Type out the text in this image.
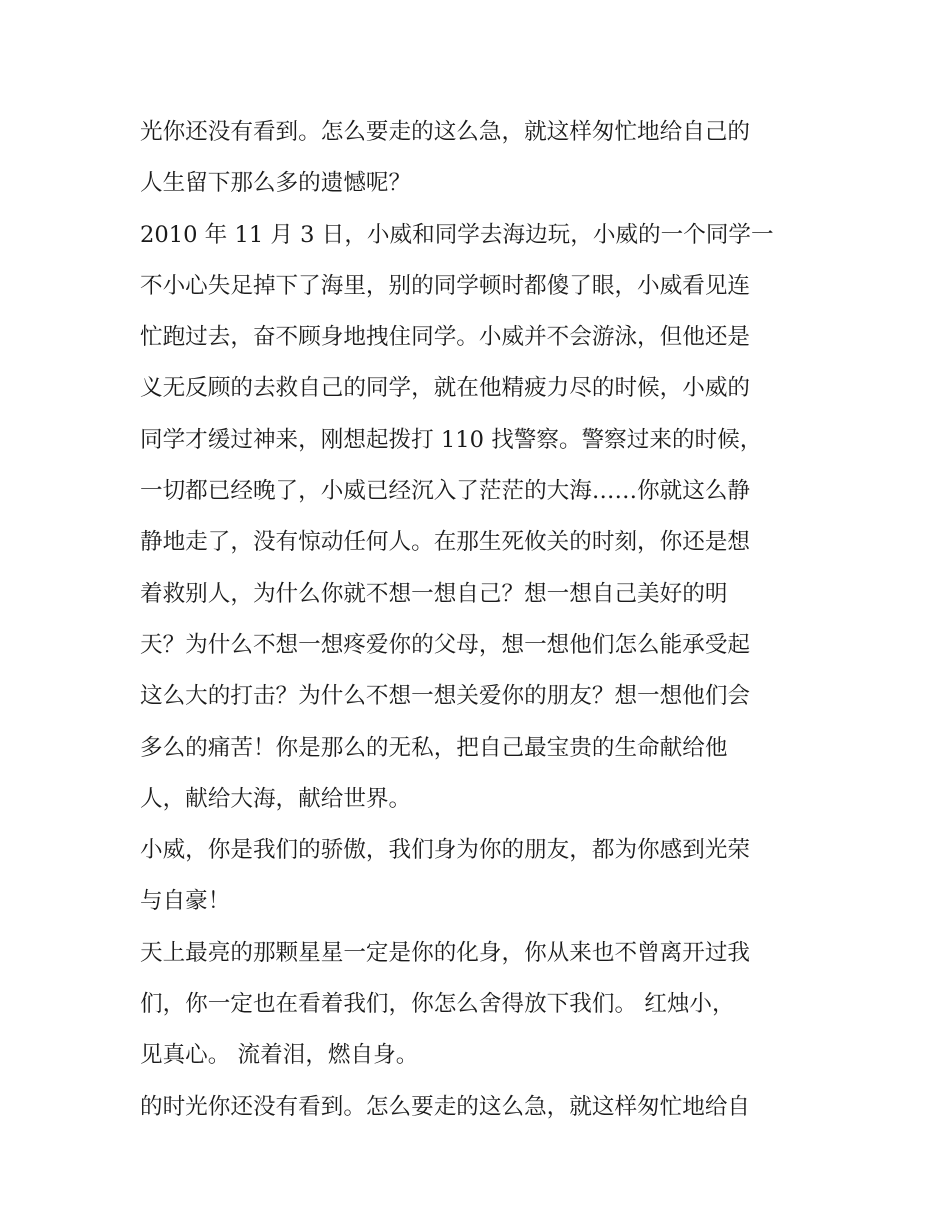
光你还没有看到。怎么要走的这么急，就这样匆忙地给自己的
人生留下那么多的遗憾呢？
2010 年 11 月 3 日，小威和同学去海边玩，小威的一个同学一
不小心失足掉下了海里，别的同学顿时都傻了眼，小威看见连
忙跑过去，奋不顾身地拽住同学。小威并不会游泳，但他还是
义无反顾的去救自己的同学，就在他精疲力尽的时候，小威的
同学才缓过神来，刚想起拨打 110 找警察。警察过来的时候，
一切都已经晚了，小威已经沉入了茫茫的大海……你就这么静
静地走了，没有惊动任何人。在那生死攸关的时刻，你还是想
着救别人，为什么你就不想一想自己？想一想自己美好的明
天？为什么不想一想疼爱你的父母，想一想他们怎么能承受起
这么大的打击？为什么不想一想关爱你的朋友？想一想他们会
多么的痛苦！你是那么的无私，把自己最宝贵的生命献给他
人，献给大海，献给世界。
小威，你是我们的骄傲，我们身为你的朋友，都为你感到光荣
与自豪！
天上最亮的那颗星星一定是你的化身，你从来也不曾离开过我
们，你一定也在看着我们，你怎么舍得放下我们。 红烛小，
见真心。 流着泪，燃自身。
的时光你还没有看到。怎么要走的这么急，就这样匆忙地给自
